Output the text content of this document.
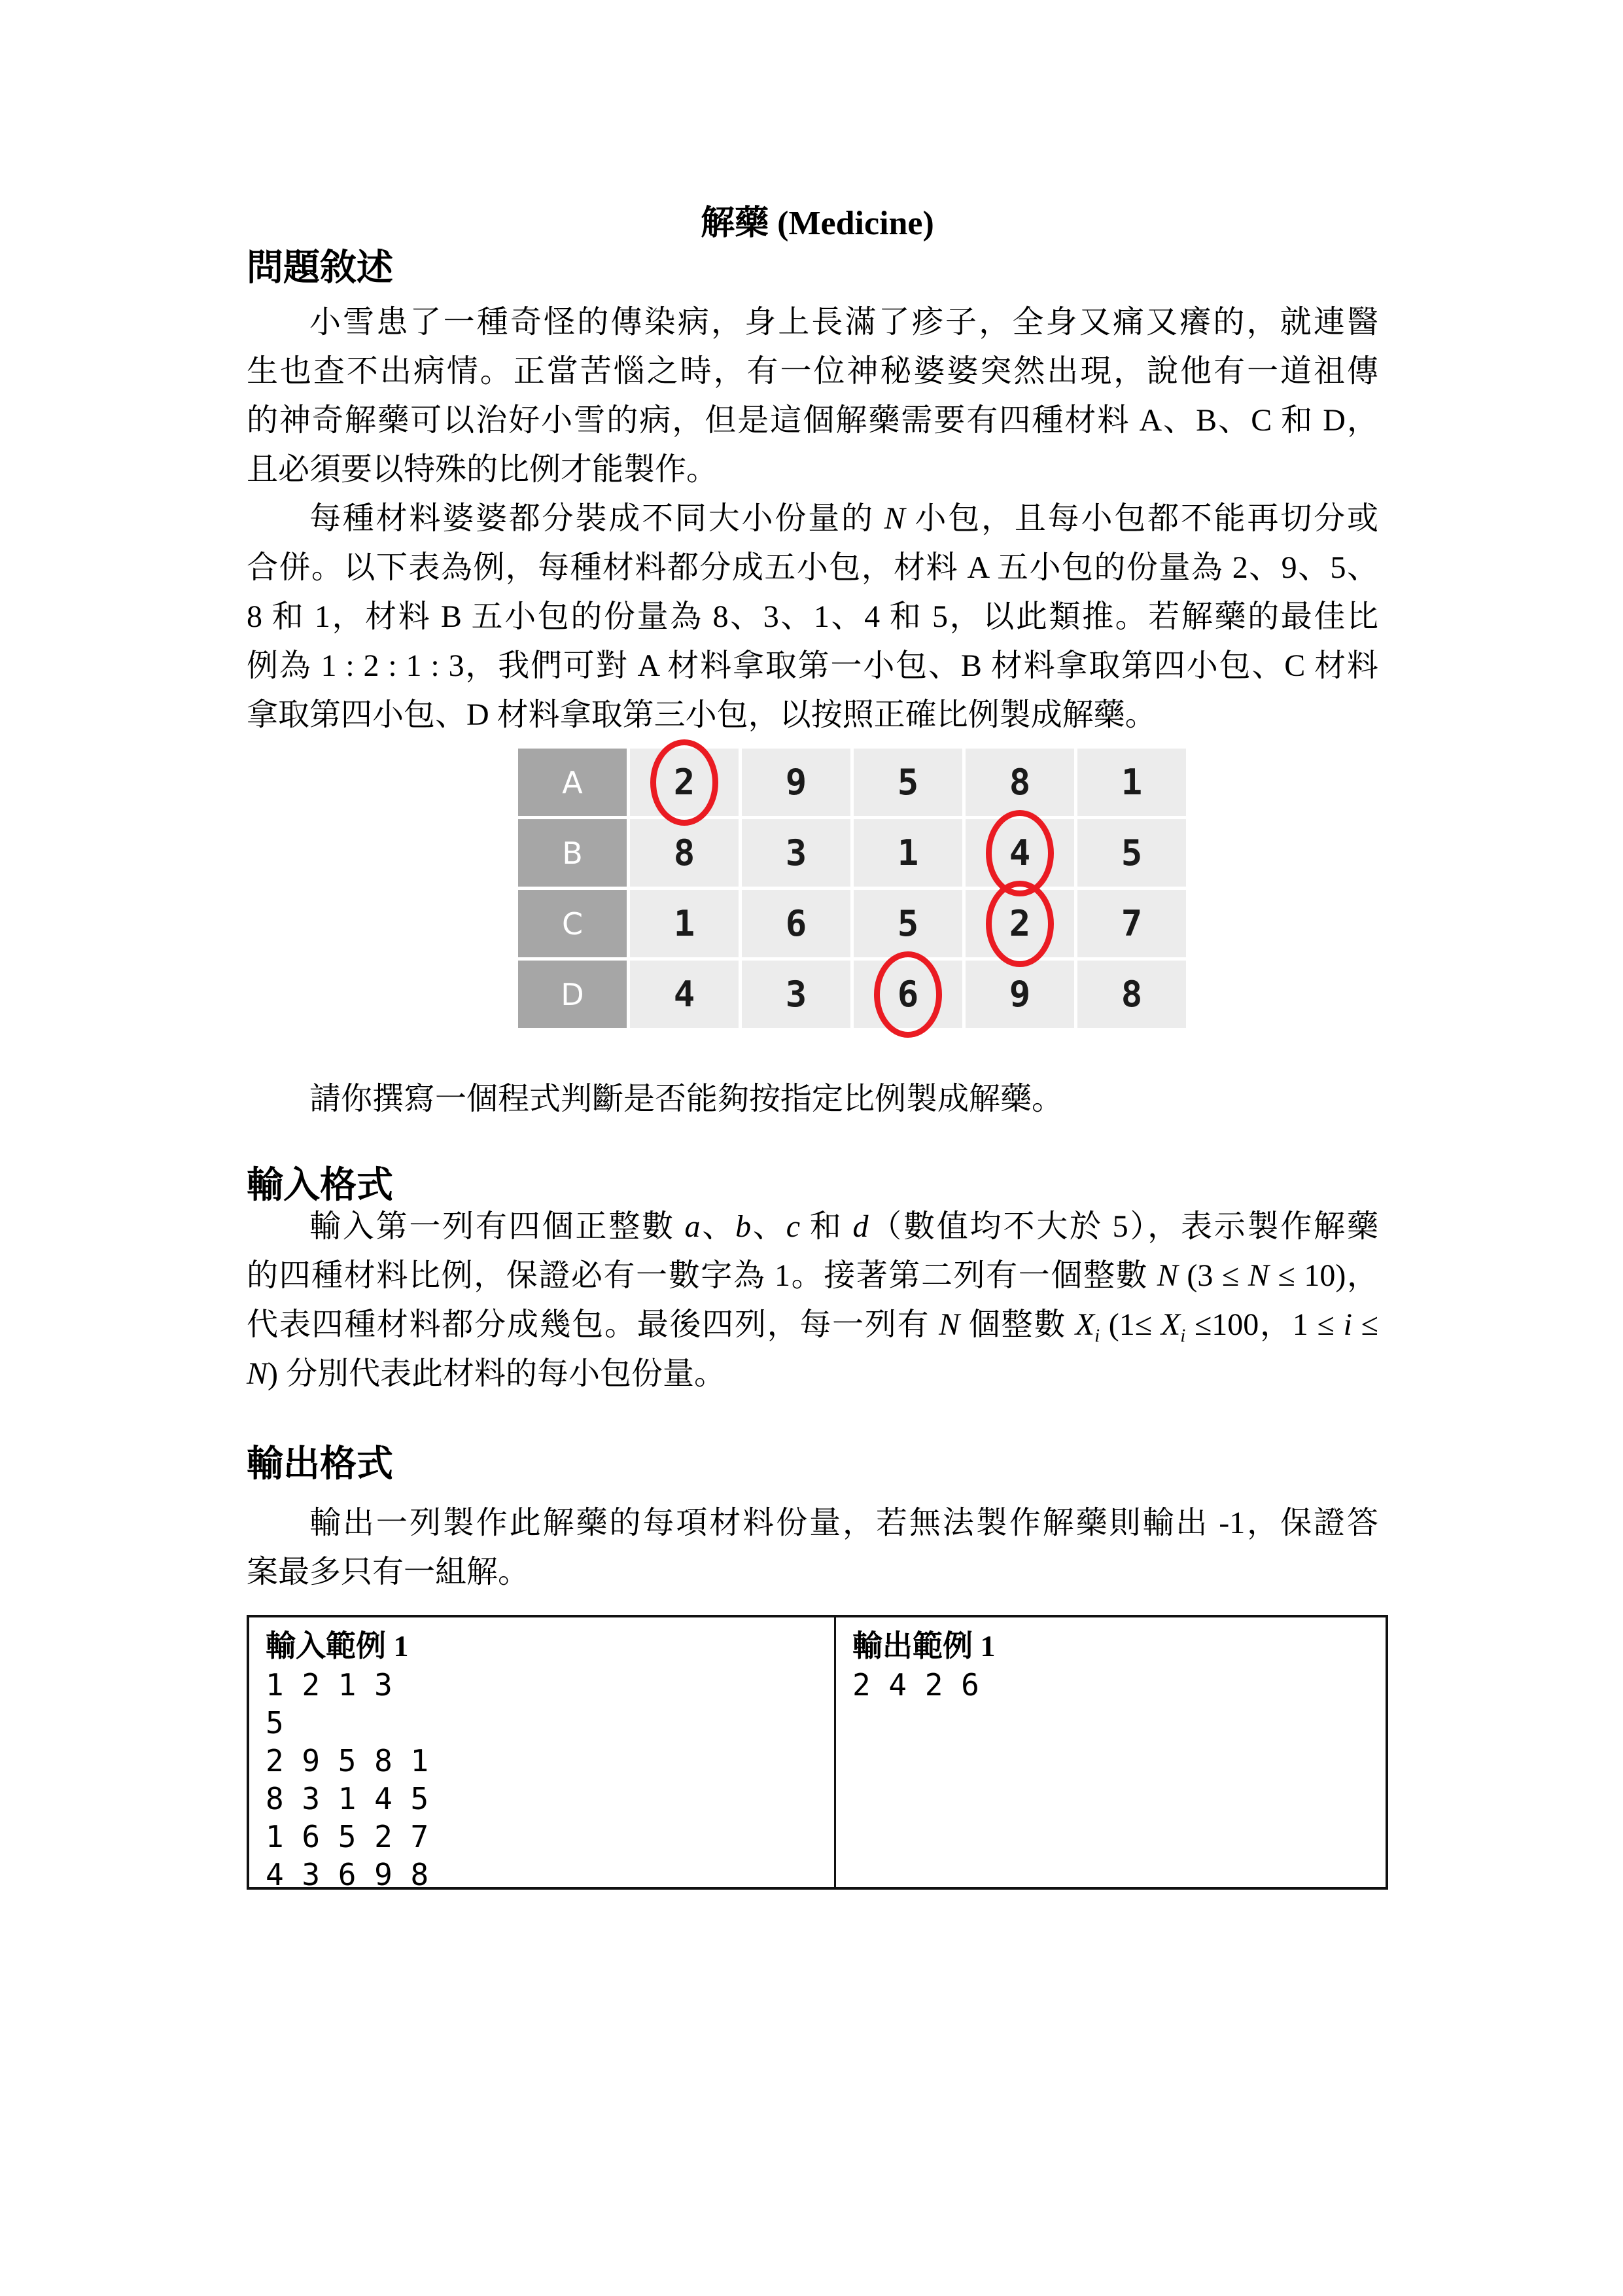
解藥 (Medicine)
問題敘述
小雪患了一種奇怪的傳染病，身上長滿了疹子，全身又痛又癢的，就連醫
生也查不出病情。正當苦惱之時，有一位神秘婆婆突然出現，說他有一道祖傳
的神奇解藥可以治好小雪的病，但是這個解藥需要有四種材料 A、B、C 和 D，
且必須要以特殊的比例才能製作。
每種材料婆婆都分裝成不同大小份量的 N 小包，且每小包都不能再切分或
合併。以下表為例，每種材料都分成五小包，材料 A 五小包的份量為 2、9、5、
8 和 1，材料 B 五小包的份量為 8、3、1、4 和 5，以此類推。若解藥的最佳比
例為 1 : 2 : 1 : 3，我們可對 A 材料拿取第一小包、B 材料拿取第四小包、C 材料
拿取第四小包、D 材料拿取第三小包，以按照正確比例製成解藥。
A	2	9	5	8	1
B	8	3	1	4	5
C	1	6	5	2	7
D	4	3	6	9	8
請你撰寫一個程式判斷是否能夠按指定比例製成解藥。
輸入格式
輸入第一列有四個正整數 a、b、c 和 d（數值均不大於 5），表示製作解藥
的四種材料比例，保證必有一數字為 1。接著第二列有一個整數 N (3 ≤ N ≤ 10)，
代表四種材料都分成幾包。最後四列，每一列有 N 個整數 $X_i$ ($1\le X_i \le 100$，1 ≤ i ≤
N) 分別代表此材料的每小包份量。
輸出格式
輸出一列製作此解藥的每項材料份量，若無法製作解藥則輸出 -1，保證答
案最多只有一組解。
輸入範例 1
1 2 1 3
5
2 9 5 8 1
8 3 1 4 5
1 6 5 2 7
4 3 6 9 8
輸出範例 1
2 4 2 6
